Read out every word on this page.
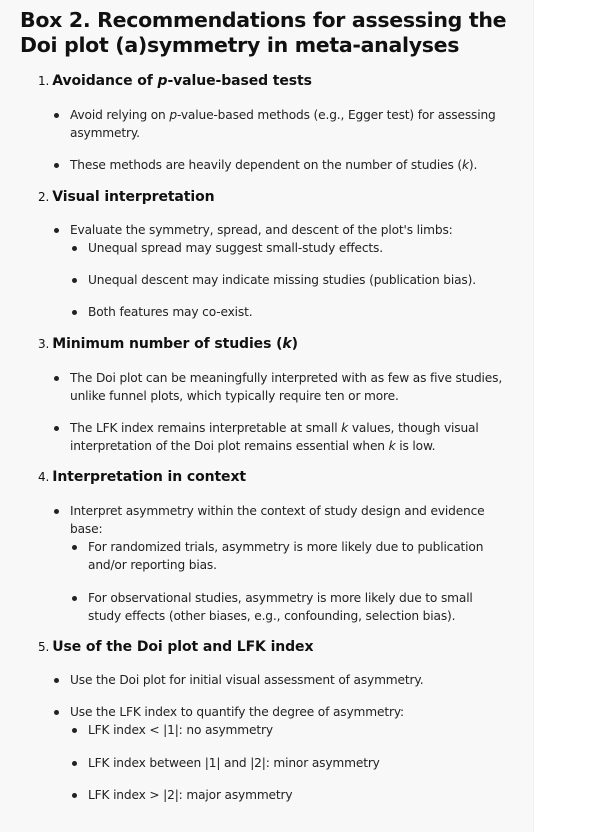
Box 2. Recommendations for assessing the Doi plot (a)symmetry in meta-analyses
1. Avoidance of p-value-based tests
Avoid relying on p-value-based methods (e.g., Egger test) for assessing asymmetry.
These methods are heavily dependent on the number of studies (k).
2. Visual interpretation
Evaluate the symmetry, spread, and descent of the plot's limbs:
Unequal spread may suggest small-study effects.
Unequal descent may indicate missing studies (publication bias).
Both features may co-exist.
3. Minimum number of studies (k)
The Doi plot can be meaningfully interpreted with as few as five studies, unlike funnel plots, which typically require ten or more.
The LFK index remains interpretable at small k values, though visual interpretation of the Doi plot remains essential when k is low.
4. Interpretation in context
Interpret asymmetry within the context of study design and evidence base:
For randomized trials, asymmetry is more likely due to publication and/or reporting bias.
For observational studies, asymmetry is more likely due to small study effects (other biases, e.g., confounding, selection bias).
5. Use of the Doi plot and LFK index
Use the Doi plot for initial visual assessment of asymmetry.
Use the LFK index to quantify the degree of asymmetry:
LFK index < |1|: no asymmetry
LFK index between |1| and |2|: minor asymmetry
LFK index > |2|: major asymmetry
